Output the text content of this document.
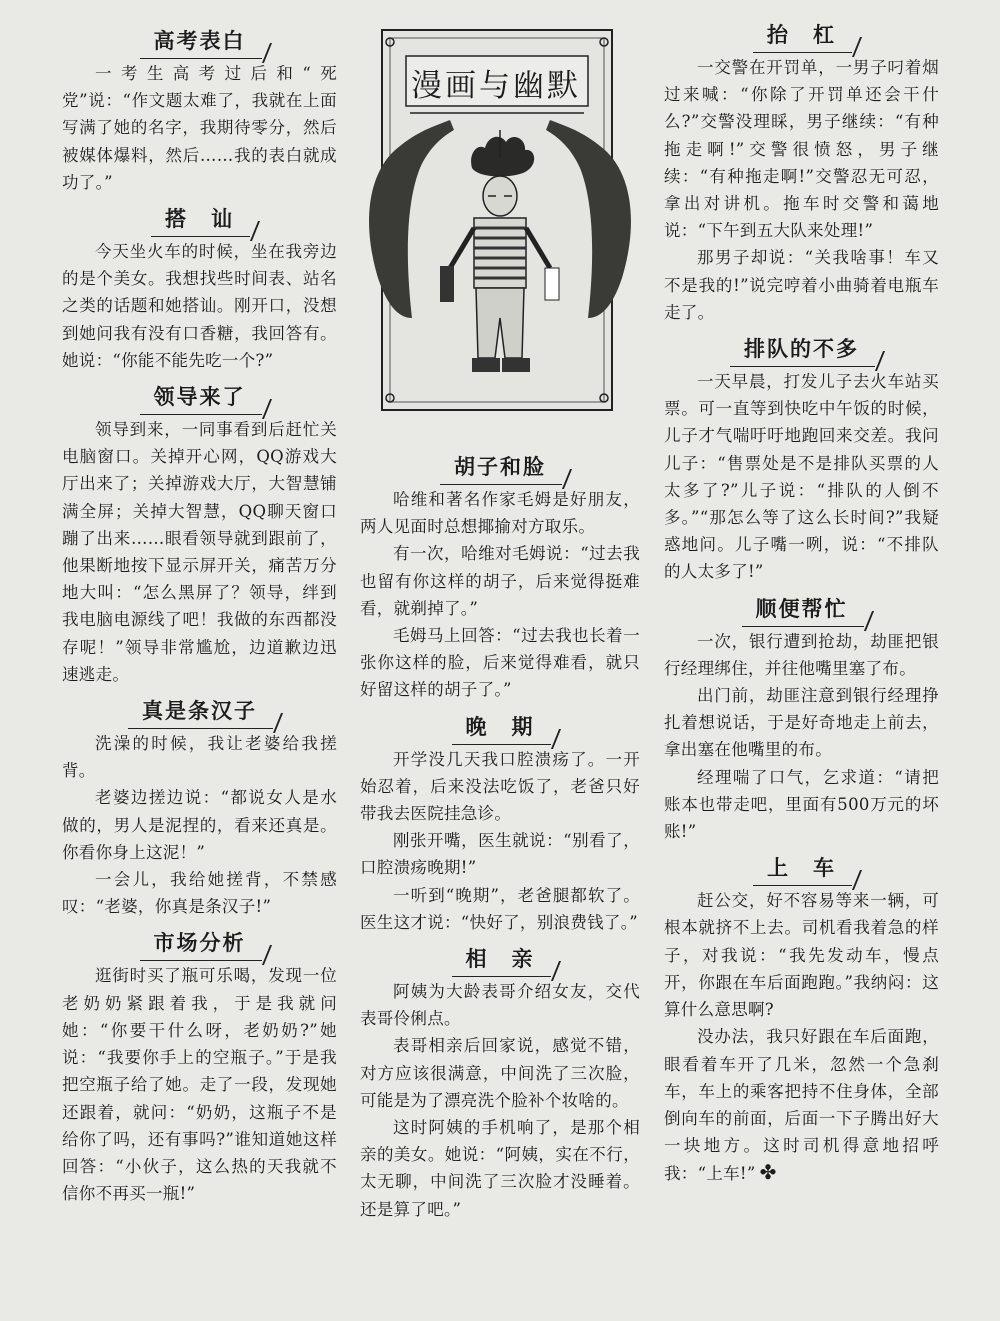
高考表白

一考生高考过后和“死党”说：“作文题太难了，我就在上面写满了她的名字，我期待零分，然后被媒体爆料，然后……我的表白就成功了。”

搭　讪

今天坐火车的时候，坐在我旁边的是个美女。我想找些时间表、站名之类的话题和她搭讪。刚开口，没想到她问我有没有口香糖，我回答有。她说：“你能不能先吃一个?”

领导来了

领导到来，一同事看到后赶忙关电脑窗口。关掉开心网，QQ游戏大厅出来了；关掉游戏大厅，大智慧铺满全屏；关掉大智慧，QQ聊天窗口蹦了出来……眼看领导就到跟前了，他果断地按下显示屏开关，痛苦万分地大叫：“怎么黑屏了？领导，绊到我电脑电源线了吧！我做的东西都没存呢！”领导非常尴尬，边道歉边迅速逃走。

真是条汉子

洗澡的时候，我让老婆给我搓背。

老婆边搓边说：“都说女人是水做的，男人是泥捏的，看来还真是。你看你身上这泥！”

一会儿，我给她搓背，不禁感叹：“老婆，你真是条汉子!”

市场分析

逛街时买了瓶可乐喝，发现一位老奶奶紧跟着我，于是我就问她：“你要干什么呀，老奶奶?”她说：“我要你手上的空瓶子。”于是我把空瓶子给了她。走了一段，发现她还跟着，就问：“奶奶，这瓶子不是给你了吗，还有事吗?”谁知道她这样回答：“小伙子，这么热的天我就不信你不再买一瓶!”

漫画与幽默
胡子和脸

哈维和著名作家毛姆是好朋友，两人见面时总想揶揄对方取乐。

有一次，哈维对毛姆说：“过去我也留有你这样的胡子，后来觉得挺难看，就剃掉了。”

毛姆马上回答：“过去我也长着一张你这样的脸，后来觉得难看，就只好留这样的胡子了。”

晚　期

开学没几天我口腔溃疡了。一开始忍着，后来没法吃饭了，老爸只好带我去医院挂急诊。

刚张开嘴，医生就说：“别看了，口腔溃疡晚期!”

一听到“晚期”，老爸腿都软了。医生这才说：“快好了，别浪费钱了。”

相　亲

阿姨为大龄表哥介绍女友，交代表哥伶俐点。

表哥相亲后回家说，感觉不错，对方应该很满意，中间洗了三次脸，可能是为了漂亮洗个脸补个妆啥的。

这时阿姨的手机响了，是那个相亲的美女。她说：“阿姨，实在不行，太无聊，中间洗了三次脸才没睡着。还是算了吧。”

抬　杠

一交警在开罚单，一男子叼着烟过来喊：“你除了开罚单还会干什么?”交警没理睬，男子继续：“有种拖走啊!”交警很愤怒，男子继续：“有种拖走啊!”交警忍无可忍，拿出对讲机。拖车时交警和蔼地说：“下午到五大队来处理!”

那男子却说：“关我啥事！车又不是我的!”说完哼着小曲骑着电瓶车走了。

排队的不多

一天早晨，打发儿子去火车站买票。可一直等到快吃中午饭的时候，儿子才气喘吁吁地跑回来交差。我问儿子：“售票处是不是排队买票的人太多了?”儿子说：“排队的人倒不多。”“那怎么等了这么长时间?”我疑惑地问。儿子嘴一咧，说：“不排队的人太多了!”

顺便帮忙

一次，银行遭到抢劫，劫匪把银行经理绑住，并往他嘴里塞了布。

出门前，劫匪注意到银行经理挣扎着想说话，于是好奇地走上前去，拿出塞在他嘴里的布。

经理喘了口气，乞求道：“请把账本也带走吧，里面有500万元的坏账!”

上　车

赶公交，好不容易等来一辆，可根本就挤不上去。司机看我着急的样子，对我说：“我先发动车，慢点开，你跟在车后面跑跑。”我纳闷：这算什么意思啊?

没办法，我只好跟在车后面跑，眼看着车开了几米，忽然一个急刹车，车上的乘客把持不住身体，全部倒向车的前面，后面一下子腾出好大一块地方。这时司机得意地招呼我：“上车!” ✤
